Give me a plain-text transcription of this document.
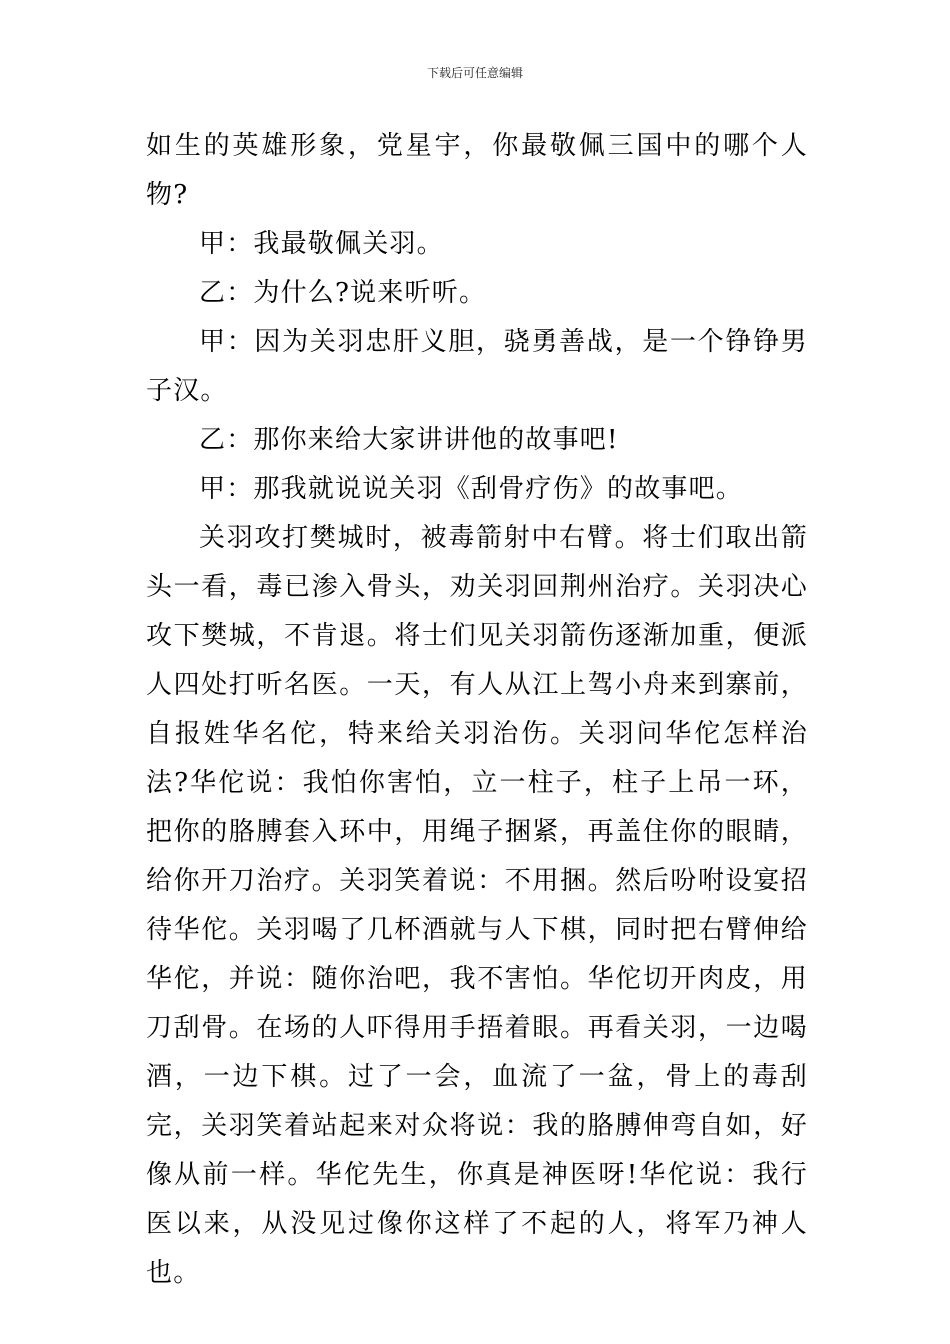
下载后可任意编辑

如生的英雄形象，党星宇，你最敬佩三国中的哪个人物?

甲：我最敬佩关羽。

乙：为什么?说来听听。

甲：因为关羽忠肝义胆，骁勇善战，是一个铮铮男子汉。

乙：那你来给大家讲讲他的故事吧!

甲：那我就说说关羽《刮骨疗伤》的故事吧。

关羽攻打樊城时，被毒箭射中右臂。将士们取出箭头一看，毒已渗入骨头，劝关羽回荆州治疗。关羽决心攻下樊城，不肯退。将士们见关羽箭伤逐渐加重，便派人四处打听名医。一天，有人从江上驾小舟来到寨前，自报姓华名佗，特来给关羽治伤。关羽问华佗怎样治法?华佗说：我怕你害怕，立一柱子，柱子上吊一环，把你的胳膊套入环中，用绳子捆紧，再盖住你的眼睛，给你开刀治疗。关羽笑着说：不用捆。然后吩咐设宴招待华佗。关羽喝了几杯酒就与人下棋，同时把右臂伸给华佗，并说：随你治吧，我不害怕。华佗切开肉皮，用刀刮骨。在场的人吓得用手捂着眼。再看关羽，一边喝酒，一边下棋。过了一会，血流了一盆，骨上的毒刮完，关羽笑着站起来对众将说：我的胳膊伸弯自如，好像从前一样。华佗先生，你真是神医呀!华佗说：我行医以来，从没见过像你这样了不起的人，将军乃神人也。
